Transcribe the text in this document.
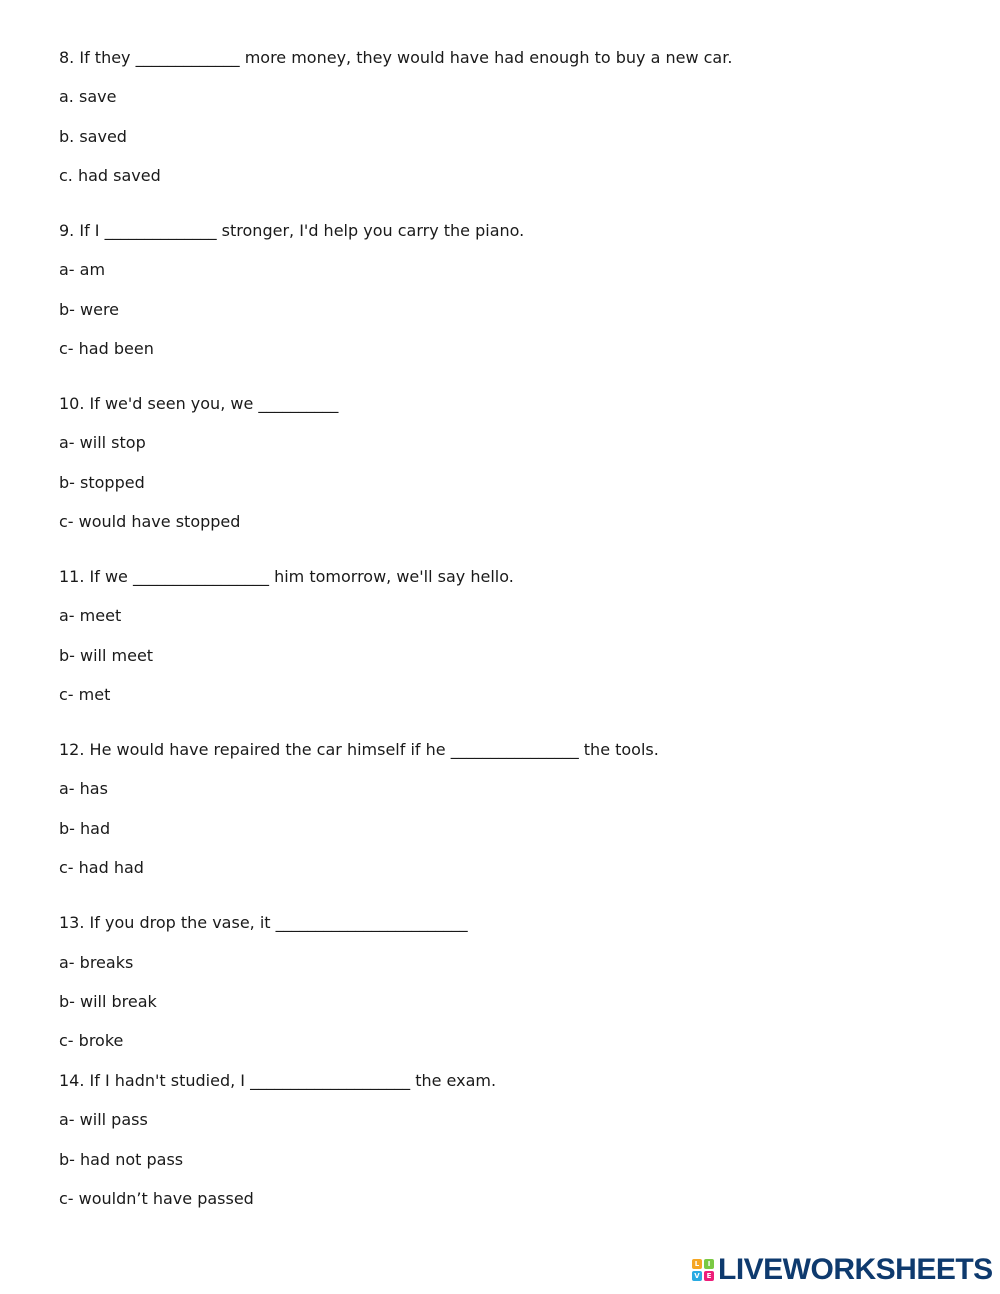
8. If they _____________ more money, they would have had enough to buy a new car.
a. save
b. saved
c. had saved
9. If I ______________ stronger, I'd help you carry the piano.
a- am
b- were
c- had been
10. If we'd seen you, we __________
a- will stop
b- stopped
c- would have stopped
11. If we _________________ him tomorrow, we'll say hello.
a- meet
b- will meet
c- met
12. He would have repaired the car himself if he ________________ the tools.
a- has
b- had
c- had had
13. If you drop the vase, it ________________________
a- breaks
b- will break
c- broke
14. If I hadn't studied, I ____________________ the exam.
a- will pass
b- had not pass
c- wouldn’t have passed
L	I
V E LIVEWORKSHEETS
